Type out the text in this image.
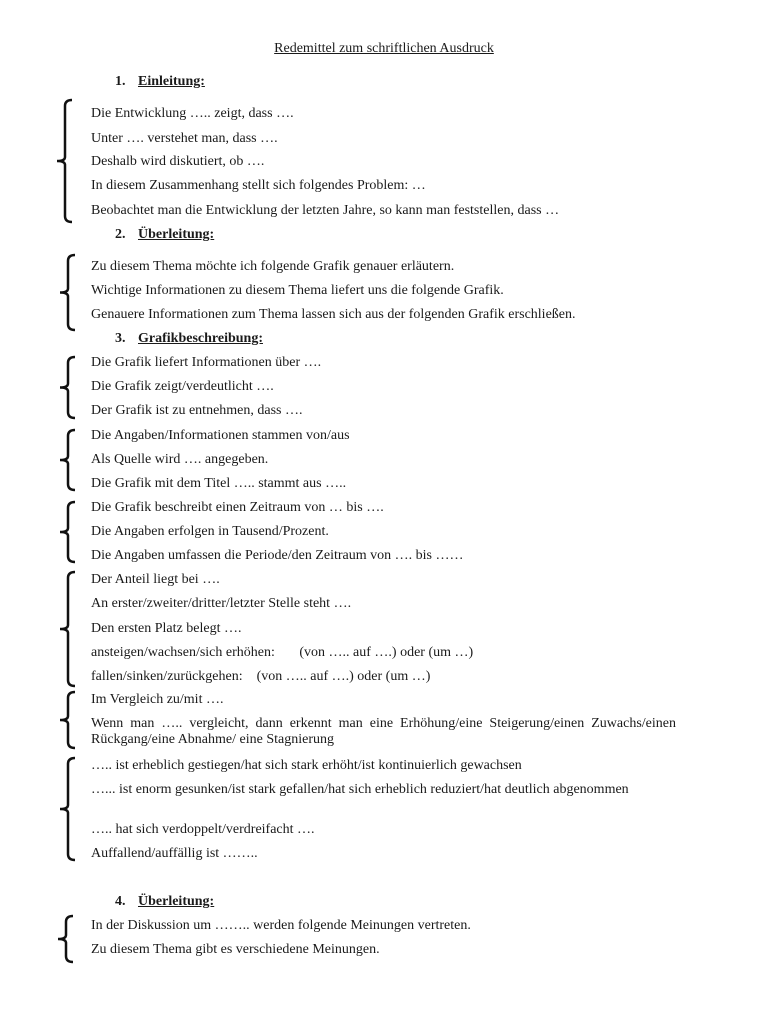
Redemittel zum schriftlichen Ausdruck
1. Einleitung:
Die Entwicklung ….. zeigt, dass ….
Unter …. verstehet man, dass ….
Deshalb wird diskutiert, ob ….
In diesem Zusammenhang stellt sich folgendes Problem: …
Beobachtet man die Entwicklung der letzten Jahre, so kann man feststellen, dass …
2. Überleitung:
Zu diesem Thema möchte ich folgende Grafik genauer erläutern.
Wichtige Informationen zu diesem Thema liefert uns die folgende Grafik.
Genauere Informationen zum Thema lassen sich aus der folgenden Grafik erschließen.
3. Grafikbeschreibung:
Die Grafik liefert Informationen über ….
Die Grafik zeigt/verdeutlicht ….
Der Grafik ist zu entnehmen, dass ….
Die Angaben/Informationen stammen von/aus
Als Quelle wird …. angegeben.
Die Grafik mit dem Titel ….. stammt aus …..
Die Grafik beschreibt einen Zeitraum von … bis ….
Die Angaben erfolgen in Tausend/Prozent.
Die Angaben umfassen die Periode/den Zeitraum von …. bis ……
Der Anteil liegt bei ….
An erster/zweiter/dritter/letzter Stelle steht ….
Den ersten Platz belegt ….
ansteigen/wachsen/sich erhöhen:       (von ….. auf ….) oder (um …)
fallen/sinken/zurückgehen:    (von ….. auf ….) oder (um …)
Im Vergleich zu/mit ….
Wenn man ….. vergleicht, dann erkennt man eine Erhöhung/eine Steigerung/einen Zuwachs/einen Rückgang/eine Abnahme/ eine Stagnierung
….. ist erheblich gestiegen/hat sich stark erhöht/ist kontinuierlich gewachsen
…... ist enorm gesunken/ist stark gefallen/hat sich erheblich reduziert/hat deutlich abgenommen
….. hat sich verdoppelt/verdreifacht ….
Auffallend/auffällig ist ……..
4. Überleitung:
In der Diskussion um …….. werden folgende Meinungen vertreten.
Zu diesem Thema gibt es verschiedene Meinungen.
